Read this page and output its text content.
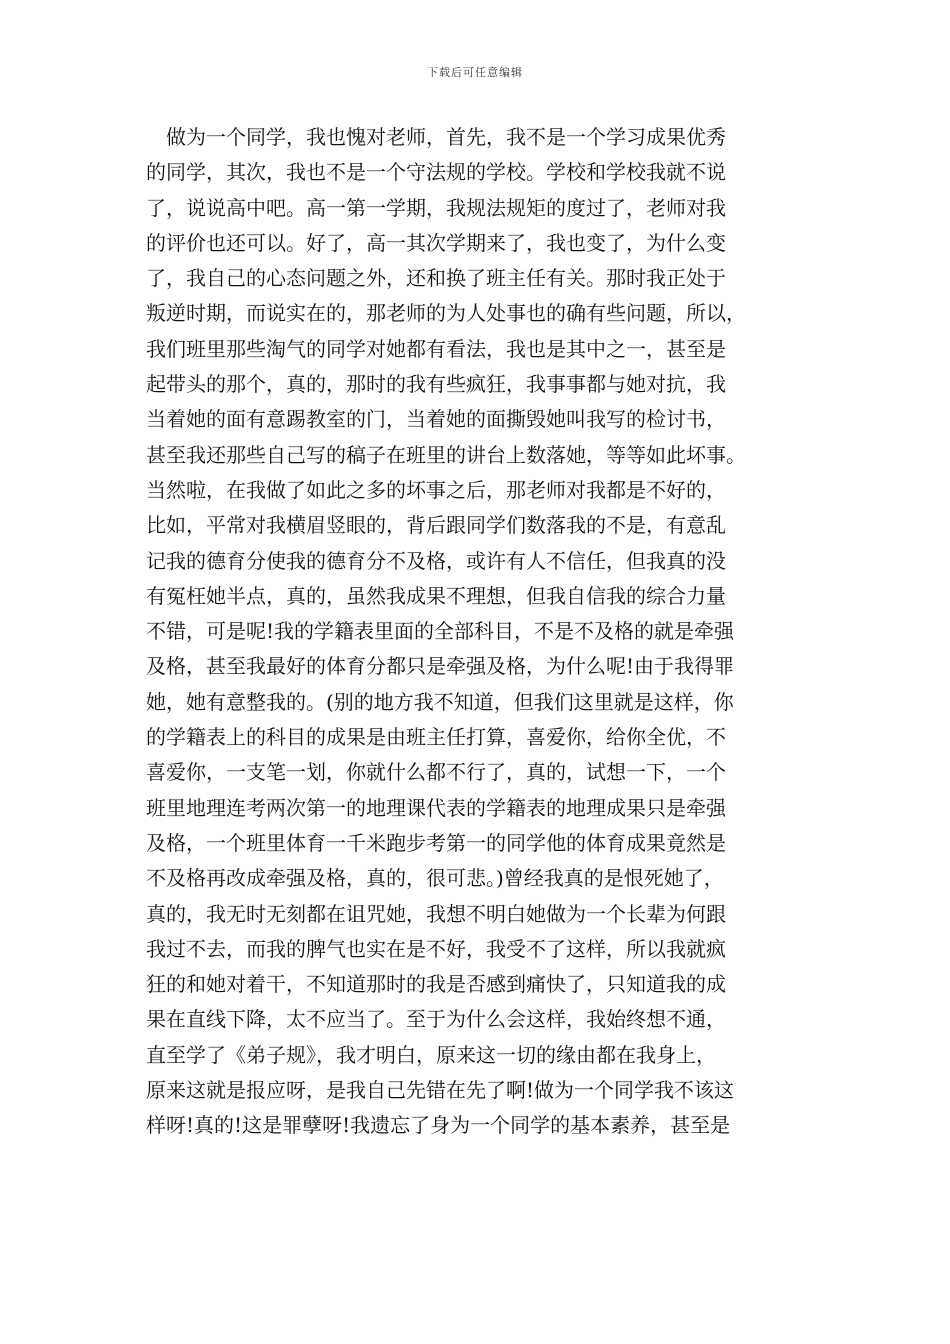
下载后可任意编辑
　做为一个同学，我也愧对老师，首先，我不是一个学习成果优秀
的同学，其次，我也不是一个守法规的学校。学校和学校我就不说
了，说说高中吧。高一第一学期，我规法规矩的度过了，老师对我
的评价也还可以。好了，高一其次学期来了，我也变了，为什么变
了，我自己的心态问题之外，还和换了班主任有关。那时我正处于
叛逆时期，而说实在的，那老师的为人处事也的确有些问题，所以，
我们班里那些淘气的同学对她都有看法，我也是其中之一，甚至是
起带头的那个，真的，那时的我有些疯狂，我事事都与她对抗，我
当着她的面有意踢教室的门，当着她的面撕毁她叫我写的检讨书，
甚至我还那些自己写的稿子在班里的讲台上数落她，等等如此坏事。
当然啦，在我做了如此之多的坏事之后，那老师对我都是不好的，
比如，平常对我横眉竖眼的，背后跟同学们数落我的不是，有意乱
记我的德育分使我的德育分不及格，或许有人不信任，但我真的没
有冤枉她半点，真的，虽然我成果不理想，但我自信我的综合力量
不错，可是呢!我的学籍表里面的全部科目，不是不及格的就是牵强
及格，甚至我最好的体育分都只是牵强及格，为什么呢!由于我得罪
她，她有意整我的。(别的地方我不知道，但我们这里就是这样，你
的学籍表上的科目的成果是由班主任打算，喜爱你，给你全优，不
喜爱你，一支笔一划，你就什么都不行了，真的，试想一下，一个
班里地理连考两次第一的地理课代表的学籍表的地理成果只是牵强
及格，一个班里体育一千米跑步考第一的同学他的体育成果竟然是
不及格再改成牵强及格，真的，很可悲。)曾经我真的是恨死她了，
真的，我无时无刻都在诅咒她，我想不明白她做为一个长辈为何跟
我过不去，而我的脾气也实在是不好，我受不了这样，所以我就疯
狂的和她对着干，不知道那时的我是否感到痛快了，只知道我的成
果在直线下降，太不应当了。至于为什么会这样，我始终想不通，
直至学了《弟子规》，我才明白，原来这一切的缘由都在我身上，
原来这就是报应呀，是我自己先错在先了啊!做为一个同学我不该这
样呀!真的!这是罪孽呀!我遗忘了身为一个同学的基本素养，甚至是
